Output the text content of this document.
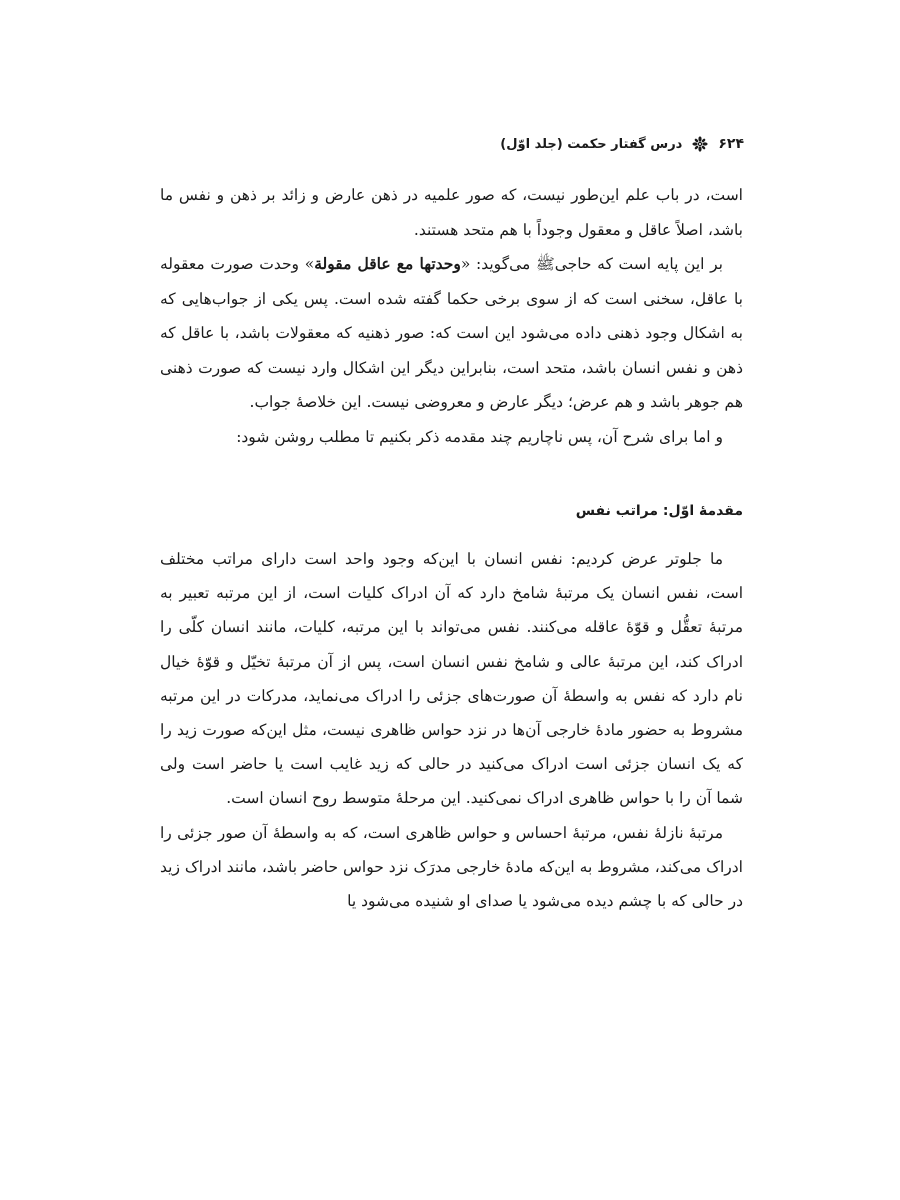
۶۲۴
درس گفتار حکمت (جلد اوّل)

است، در باب علم این‌طور نیست، که صور علمیه در ذهن عارض و زائد بر ذهن و نفس ما باشد، اصلاً عاقل و معقول وجوداً با هم متحد هستند.

بر این پایه است که حاجیﷺ می‌گوید: «وحدتها مع عاقل مقولة» وحدت صورت معقوله با عاقل، سخنی است که از سوی برخی حکما گفته شده است. پس یکی از جواب‌هایی که به اشکال وجود ذهنی داده می‌شود این است که: صور ذهنیه که معقولات باشد، با عاقل که ذهن و نفس انسان باشد، متحد است، بنابراین دیگر این اشکال وارد نیست که صورت ذهنی هم جوهر باشد و هم عرض؛ دیگر عارض و معروضی نیست. این خلاصهٔ جواب.

و اما برای شرح آن، پس ناچاریم چند مقدمه ذکر بکنیم تا مطلب روشن شود:

مقدمهٔ اوّل: مراتب نفس

ما جلوتر عرض کردیم: نفس انسان با این‌که وجود واحد است دارای مراتب مختلف است، نفس انسان یک مرتبهٔ شامخ دارد که آن ادراک کلیات است، از این مرتبه تعبیر به مرتبهٔ تعقُّل و قوّهٔ عاقله می‌کنند. نفس می‌تواند با این مرتبه، کلیات، مانند انسان کلّی را ادراک کند، این مرتبهٔ عالی و شامخ نفس انسان است، پس از آن مرتبهٔ تخیّل و قوّهٔ خیال نام دارد که نفس به واسطهٔ آن صورت‌های جزئی را ادراک می‌نماید، مدرکات در این مرتبه مشروط به حضور مادهٔ خارجی آن‌ها در نزد حواس ظاهری نیست، مثل این‌که صورت زید را که یک انسان جزئی است ادراک می‌کنید در حالی که زید غایب است یا حاضر است ولی شما آن را با حواس ظاهری ادراک نمی‌کنید. این مرحلهٔ متوسط روح انسان است.

مرتبهٔ نازلهٔ نفس، مرتبهٔ احساس و حواس ظاهری است، که به واسطهٔ آن صور جزئی را ادراک می‌کند، مشروط به این‌که مادهٔ خارجی مدرَک نزد حواس حاضر باشد، مانند ادراک زید در حالی که با چشم دیده می‌شود یا صدای او شنیده می‌شود یا
